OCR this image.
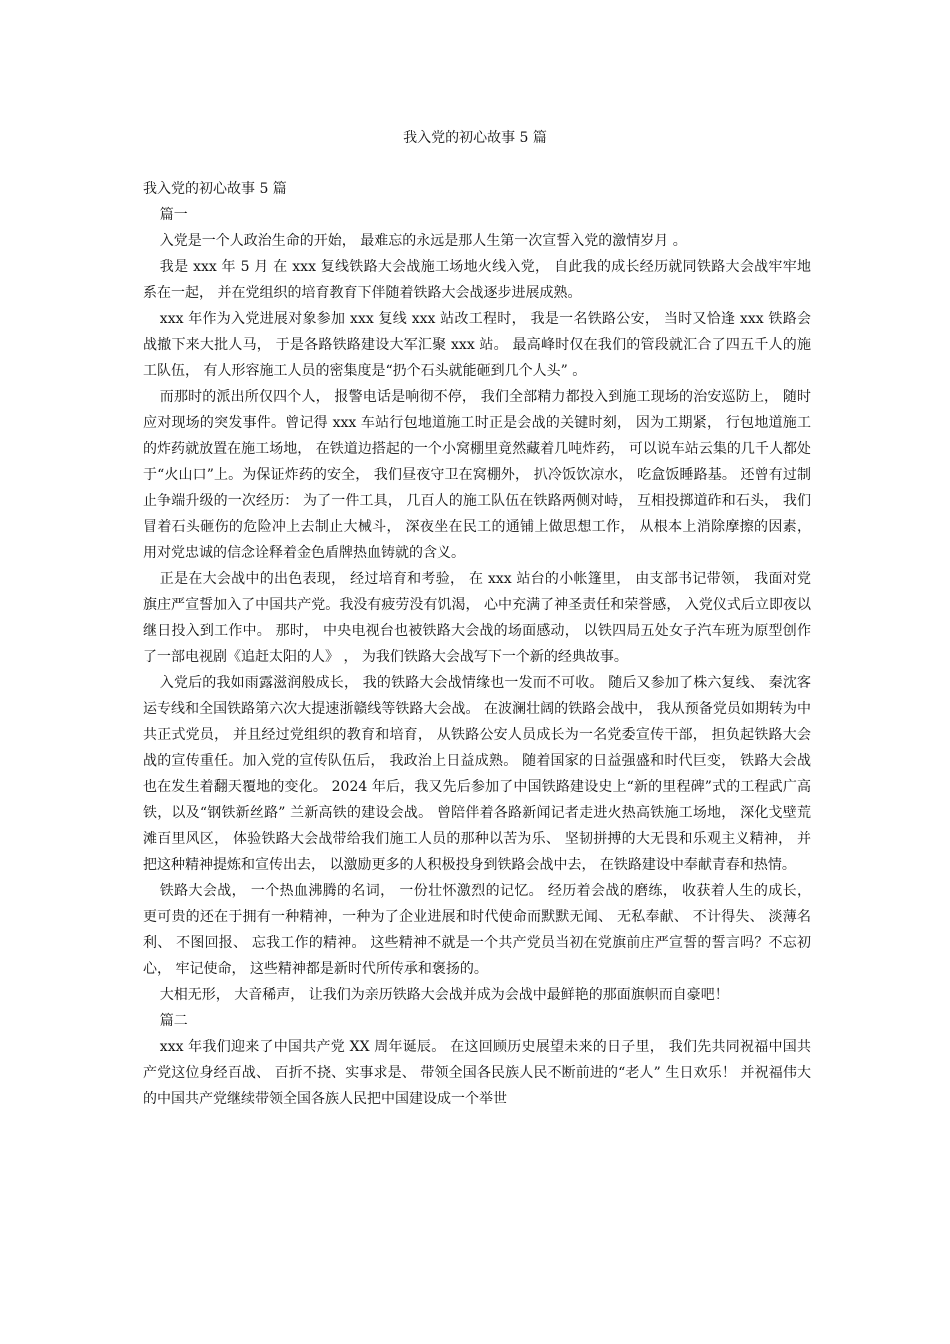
我入党的初心故事 5 篇

我入党的初心故事 5 篇

篇一

入党是一个人政治生命的开始， 最难忘的永远是那人生第一次宣誓入党的激情岁月 。

我是 xxx 年 5 月 在 xxx 复线铁路大会战施工场地火线入党， 自此我的成长经历就同铁路大会战牢牢地系在一起， 并在党组织的培育教育下伴随着铁路大会战逐步进展成熟。

xxx 年作为入党进展对象参加 xxx 复线 xxx 站改工程时， 我是一名铁路公安， 当时又恰逢 xxx 铁路会战撤下来大批人马， 于是各路铁路建设大军汇聚 xxx 站。 最高峰时仅在我们的管段就汇合了四五千人的施工队伍， 有人形容施工人员的密集度是“扔个石头就能砸到几个人头” 。

而那时的派出所仅四个人， 报警电话是响彻不停， 我们全部精力都投入到施工现场的治安巡防上， 随时应对现场的突发事件。曾记得 xxx 车站行包地道施工时正是会战的关键时刻， 因为工期紧， 行包地道施工的炸药就放置在施工场地， 在铁道边搭起的一个小窝棚里竟然藏着几吨炸药， 可以说车站云集的几千人都处于“火山口”上。为保证炸药的安全， 我们昼夜守卫在窝棚外， 扒冷饭饮凉水， 吃盒饭睡路基。 还曾有过制止争端升级的一次经历： 为了一件工具， 几百人的施工队伍在铁路两侧对峙， 互相投掷道砟和石头， 我们冒着石头砸伤的危险冲上去制止大械斗， 深夜坐在民工的通铺上做思想工作， 从根本上消除摩擦的因素， 用对党忠诚的信念诠释着金色盾牌热血铸就的含义。

正是在大会战中的出色表现， 经过培育和考验， 在 xxx 站台的小帐篷里， 由支部书记带领， 我面对党旗庄严宣誓加入了中国共产党。我没有疲劳没有饥渴， 心中充满了神圣责任和荣誉感， 入党仪式后立即夜以继日投入到工作中。 那时， 中央电视台也被铁路大会战的场面感动， 以铁四局五处女子汽车班为原型创作了一部电视剧《追赶太阳的人》 ， 为我们铁路大会战写下一个新的经典故事。

入党后的我如雨露滋润般成长， 我的铁路大会战情缘也一发而不可收。 随后又参加了株六复线、 秦沈客运专线和全国铁路第六次大提速浙赣线等铁路大会战。 在波澜壮阔的铁路会战中， 我从预备党员如期转为中共正式党员， 并且经过党组织的教育和培育， 从铁路公安人员成长为一名党委宣传干部， 担负起铁路大会战的宣传重任。加入党的宣传队伍后， 我政治上日益成熟。 随着国家的日益强盛和时代巨变， 铁路大会战也在发生着翻天覆地的变化。 2024 年后，我又先后参加了中国铁路建设史上“新的里程碑”式的工程武广高铁，以及“钢铁新丝路” 兰新高铁的建设会战。 曾陪伴着各路新闻记者走进火热高铁施工场地， 深化戈壁荒滩百里风区， 体验铁路大会战带给我们施工人员的那种以苦为乐、 坚韧拼搏的大无畏和乐观主义精神， 并把这种精神提炼和宣传出去， 以激励更多的人积极投身到铁路会战中去， 在铁路建设中奉献青春和热情。

铁路大会战， 一个热血沸腾的名词， 一份壮怀激烈的记忆。 经历着会战的磨练， 收获着人生的成长， 更可贵的还在于拥有一种精神，一种为了企业进展和时代使命而默默无闻、 无私奉献、 不计得失、 淡薄名利、 不图回报、 忘我工作的精神。 这些精神不就是一个共产党员当初在党旗前庄严宣誓的誓言吗？不忘初心， 牢记使命， 这些精神都是新时代所传承和褒扬的。

大相无形， 大音稀声， 让我们为亲历铁路大会战并成为会战中最鲜艳的那面旗帜而自豪吧！

篇二

xxx 年我们迎来了中国共产党 XX 周年诞辰。 在这回顾历史展望未来的日子里， 我们先共同祝福中国共产党这位身经百战、 百折不挠、实事求是、 带领全国各民族人民不断前进的“老人” 生日欢乐！ 并祝福伟大的中国共产党继续带领全国各族人民把中国建设成一个举世
